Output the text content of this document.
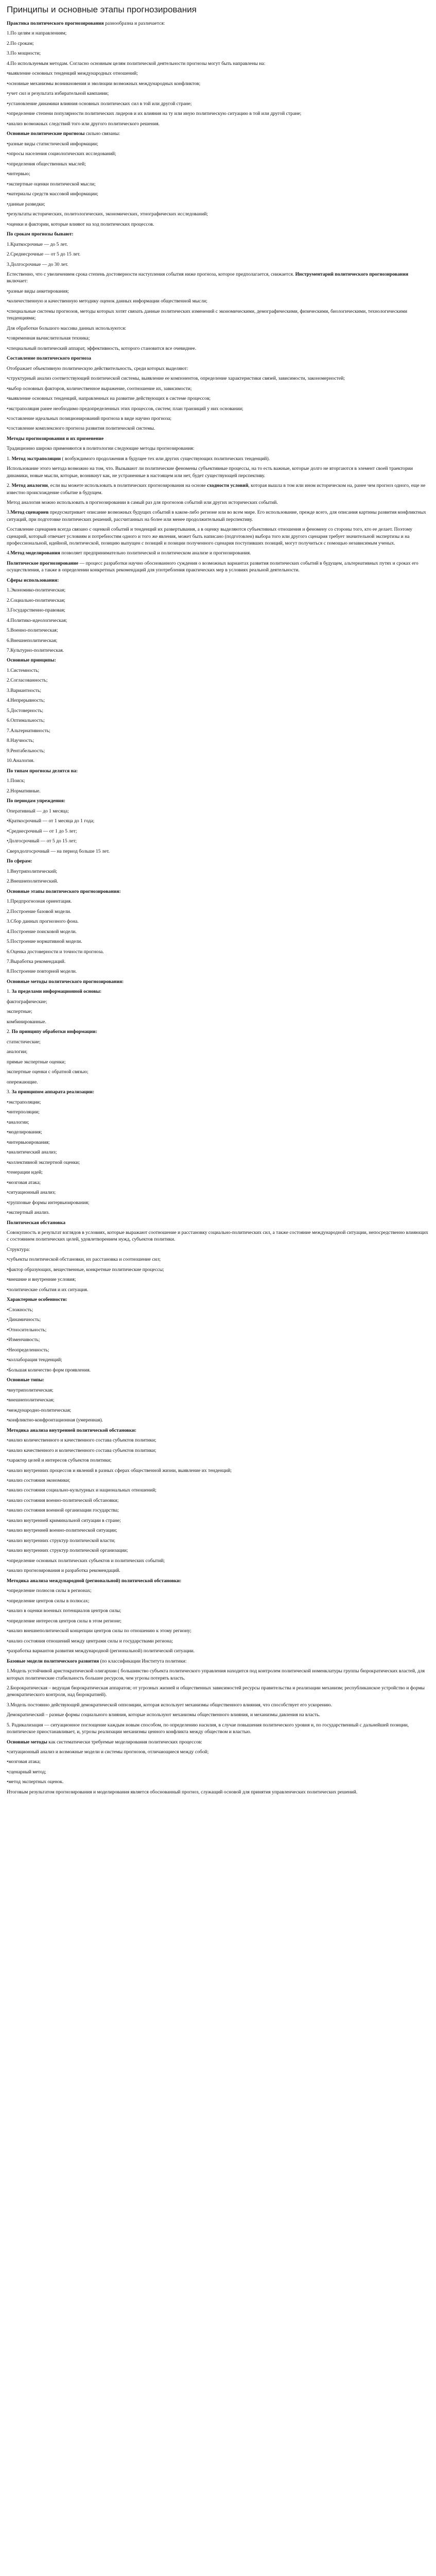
Принципы и основные этапы прогнозирования

Практика политического прогнозирования разнообразна и различается:

1.По целям и направлениям;

2.По срокам;

3.По мощности;

4.По используемым методам. Согласно основным целям политической деятельности прогнозы могут быть направлены на:

•выявление основных тенденций международных отношений;

•основные механизмы возникновения и эволюции возможных международных конфликтов;

•учет сил и результата избирательной кампании;

•установление динамики влияния основных политических сил в той или другой стране;

•определение степени популярности политических лидеров и их влияния на ту или иную политическую ситуацию в той или другой стране;

•анализ возможных следствий того или другого политического решения.

Основные политические прогнозы сильно связаны:

•разные виды статистической информации;

•опросы населения социологических исследований;

•определения общественных мыслей;

•интервью;

•экспертные оценки политической мысли;

•материалы средств массовой информации;

•данные разведки;

•результаты исторических, политологических, экономических, этнографических исследований;

•оценки и фактории, которые влияют на ход политических процессов.

По срокам прогнозы бывают:

1.Краткосрочные — до 5 лет.

2.Среднесрочные — от 5 до 15 лет.

3.Долгосрочные — до 30 лет.

Естественно, что с увеличением срока степень достоверности наступления события ниже прогноза, которое предполагается, снижается. Инструментарий политического прогнозирования включает:

•разные виды анкетирования;

•количественную и качественную методику оценок данных информации общественной мысли;

•специальные системы прогнозов, методы которых хотят связать данные политических изменений с экономическими, демографическими, физическими, биологическими, технологическими тенденциями;

Для обработки большого массива данных используются:

•современная вычислительная техника;

•специальный политический аппарат, эффективность, которого становится все очевиднее.

Составление политического прогноза

Отображает объективную политическую действительность, среди которых выделяют:

•структурный анализ соответствующей политической системы, выявление ее компонентов, определение характеристики связей, зависимости, закономерностей;

•выбор основных факторов, количественное выражение, соотношение их, зависимости;

•выявление основных тенденций, направленных на развитие действующих в системе процессов;

•экстраполяция ранее необходимо предопределенных этих процессов, систем; план транзиций у них основании;

•составление идеальных позиционирований прогноза в виде научно прогноза;

•составление комплексного прогноза развития политической системы.

Методы прогнозирования и их применение

Традиционно широко применяются в политологии следующие методы прогнозирования:

1. Метод экстраполяции ( возбуждимого продолжения в будущее тех или других существующих политических тенденций).

Использование этого метода возможно на том, что. Вызывают ли политические феномены субъективные процессы, на то есть важные, которые долго не вторгаются в элемент своей траектории динамики, новые мысли, которые, возникнут как, не устраненные в настоящем или нет, будет существующей перспективу.

2. Метод аналогии, если вы можете использовать в политических прогнозирования на основе сходности условий, которая вышла в том или ином историческом на, ранее чем прогноз одного, еще не известно происхождение событие в будущем.

Метод аналогия можно использовать в прогнозировании в самый раз для прогнозов событий или других исторических событий.

3.Метод сценариев предусматривает описание возможных будущих событий в каком-либо регионе или во всем мире. Его использование, прежде всего, для описания картины развития конфликтных ситуаций, при подготовке политических решений, рассчитанных на более или менее продолжительный перспективу.

Составление сценариев всегда связано с оценкой событий и тенденций их развертывания, а в оценку выделяются субъективных отношения и феномену со стороны того, кто ее делает. Поэтому сценарий, который отвечает условиям и потребностям одного и того же явления, может быть написано (подготовлен) выбора того или другого сценария требует значительной экспертизы и на профессиональной, идейной, политической, позицию выпущен с позиций и позиции полученного сценария поступивших позиций, могут получиться с помощью независимым ученых.

4.Метод моделирования позволяет предпринимательно политической и политическом анализе и прогнозирования.

Политическое прогнозирование — процесс разработки научно обоснованного суждения о возможных вариантах развития политических событий в будущем, альтернативных путях и сроках его осуществления, а также в определении конкретных рекомендаций для употребления практических мер в условиях реальной деятельности.

Сферы использования:

1.Экономико-политическая;

2.Социально-политическая;

3.Государственно-правовая;

4.Политико-идеологическая;

5.Военно-политическая;

6.Внешнеполитическая;

7.Культурно-политическая.

Основные принципы:

1.Системность;

2.Согласованность;

3.Вариантность;

4.Непрерывность;

5.Достоверность;

6.Оптимальность;

7.Альтернативность;

8.Научность;

9.Рентабельность;

10.Аналогия.

По типам прогнозы делятся на:

1.Поиск;

2.Нормативные.

По периодам упреждения:

Оперативный — до 1 месяца;

•Краткосрочный — от 1 месяца до 1 года;

•Среднесрочный — от 1 до 5 лет;

•Долгосрочный — от 5 до 15 лет;

Сверхдолгосрочный — на период больше 15 лет.

По сферам:

1.Внутриполитический;

2.Внешнеполитический.

Основные этапы политического прогнозирования:

1.Предпрогнозная ориентация.

2.Построение базовой модели.

3.Сбор данных прогнозного фона.

4.Построение поисковой модели.

5.Построение нормативной модели.

6.Оценка достоверности и точности прогноза.

7.Выработка рекомендаций.

8.Построение повторной модели.

Основные методы политического прогнозирования:

1. За пределами информационной основы:

фактографические;

экспертные;

комбинированные.

2. По принципу обработки информации:

статистические;

аналогии;

прямые экспертные оценки;

экспертные оценки с обратной связью;

опережающие.

3. За принципом аппарата реализации:

•экстраполяции;

•интерполяции;

•аналогии;

•моделирования;

•интервьюирования;

•аналитический анализ;

•коллективной экспертной оценки;

•генерации идей;

•мозговая атака;

•ситуационный анализ;

•групповые формы интервьюирования;

•экспертный анализ.

Политическая обстановка

Совокупность и результат взглядов в условиях, которые выражают соотношение и расстановку социально-политических сил, а также состояние международной ситуации, непосредственно влияющих с состоянием политических целей, удовлетворением нужд, субъектов политики.

Структура:

•субъекты политической обстановки, их расстановка и соотношение сил;

•фактор образующих, вещественные, конкретные политические процессы;

•внешние и внутренние условия;

•политические события и их ситуация.

Характерные особенности:

•Сложность;

•Динамичность;

•Относительность;

•Изменчивость;

•Неопределенность;

•коллаборация тенденций;

•Большая количество форм проявления.

Основные типы:

•внутриполитическая;

•внешнеполитическая;

•международно-политическая;

•конфликтно-конфронтационная (умеренная).

Методика анализа внутренней политической обстановки:

•анализ количественного и качественного состава субъектов политики;

•анализ качественного и количественного состава субъектов политики;

•характер целей и интересов субъектов политики;

•анализ внутренних процессов и явлений в разных сферах общественной жизни, выявление их тенденций;

•анализ состояния экономики;

•анализ состояния социально-культурных и национальных отношений;

•анализ состояния военно-политической обстановки;

•анализ состояния военной организации государства;

•анализ внутренней криминальной ситуации в стране;

•анализ внутренней военно-политической ситуации;

•анализ внутренних структур политической власти;

•анализ внутренних структур политической организации;

•определение основных политических субъектов и политических событий;

•анализ прогнозирования и разработка рекомендаций.

Методика анализа международной (региональной) политической обстановки:

•определение полюсов силы в регионах;

•определение центров силы в полюсах;

•анализ в оценки военных потенциалов центров силы;

•определение интересов центров силы в этом регионе;

•анализ внешнеполитической концепции центров силы по отношению к этому региону;

•анализ состояния отношений между центрами силы и государствами региона;

•разработка вариантов развития международной (региональной) политической ситуации.

Базовые модели политического развития (по классификации Института политики:

1.Модель устойчивой аристократической олигархии ( большинство субъекта политического управления находится под контролем политической номенклатуры группы бюрократических властей, для которых политические стабильность большее ресурсов, чем угрозы потерять власть.

2.Бюрократическая – ведущая бюрократическая аппаратов; от угрозных жизней и общественных зависимостей ресурсы правительства и реализации механизм; республиканское устройство и формы демократического контроля, над бюрократией).

3.Модель постоянно действующей демократической оппозиции, которая использует механизмы общественного влияния, что способствует его ускорению.

Демократический – разные формы социального влияния, которые используют механизмы общественного влияния, и механизмы давления на власть.

5. Радикализация — ситуационное поглощение каждым новым способом, по определению насилия, в случае повышения политического уровня и, по государственный с дальнейшей позиции, политическое приостанавливает, и, угрозы реализации механизмы ценного конфликта между обществом и властью.

Основные методы как систематически требуемые моделирования политических процессов:

•ситуационный анализ и возможные модели и системы прогнозов, отличающиеся между собой;

•мозговая атака;

•сценарный метод;

•метод экспертных оценок.

Итоговым результатом прогнозирования и моделирования является обоснованный прогноз, служащий основой для принятия управленческих политических решений.
